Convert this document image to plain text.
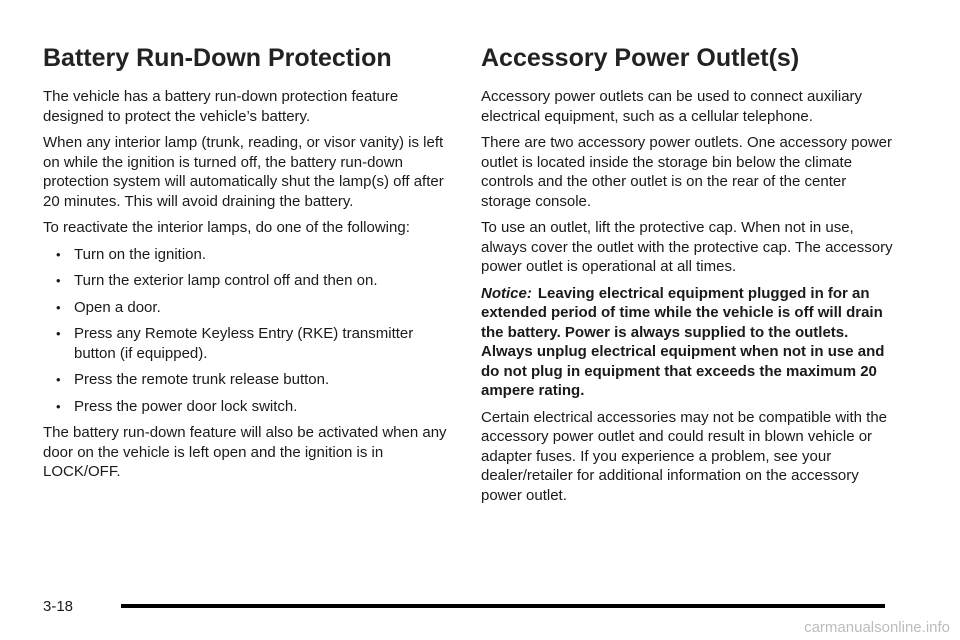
Battery Run-Down Protection

The vehicle has a battery run-down protection feature designed to protect the vehicle’s battery.

When any interior lamp (trunk, reading, or visor vanity) is left on while the ignition is turned off, the battery run-down protection system will automatically shut the lamp(s) off after 20 minutes. This will avoid draining the battery.

To reactivate the interior lamps, do one of the following:

• Turn on the ignition.
• Turn the exterior lamp control off and then on.
• Open a door.
• Press any Remote Keyless Entry (RKE) transmitter button (if equipped).
• Press the remote trunk release button.
• Press the power door lock switch.

The battery run-down feature will also be activated when any door on the vehicle is left open and the ignition is in LOCK/OFF.

Accessory Power Outlet(s)

Accessory power outlets can be used to connect auxiliary electrical equipment, such as a cellular telephone.

There are two accessory power outlets. One accessory power outlet is located inside the storage bin below the climate controls and the other outlet is on the rear of the center storage console.

To use an outlet, lift the protective cap. When not in use, always cover the outlet with the protective cap. The accessory power outlet is operational at all times.

Notice: Leaving electrical equipment plugged in for an extended period of time while the vehicle is off will drain the battery. Power is always supplied to the outlets. Always unplug electrical equipment when not in use and do not plug in equipment that exceeds the maximum 20 ampere rating.

Certain electrical accessories may not be compatible with the accessory power outlet and could result in blown vehicle or adapter fuses. If you experience a problem, see your dealer/retailer for additional information on the accessory power outlet.

3-18
carmanualsonline.info
